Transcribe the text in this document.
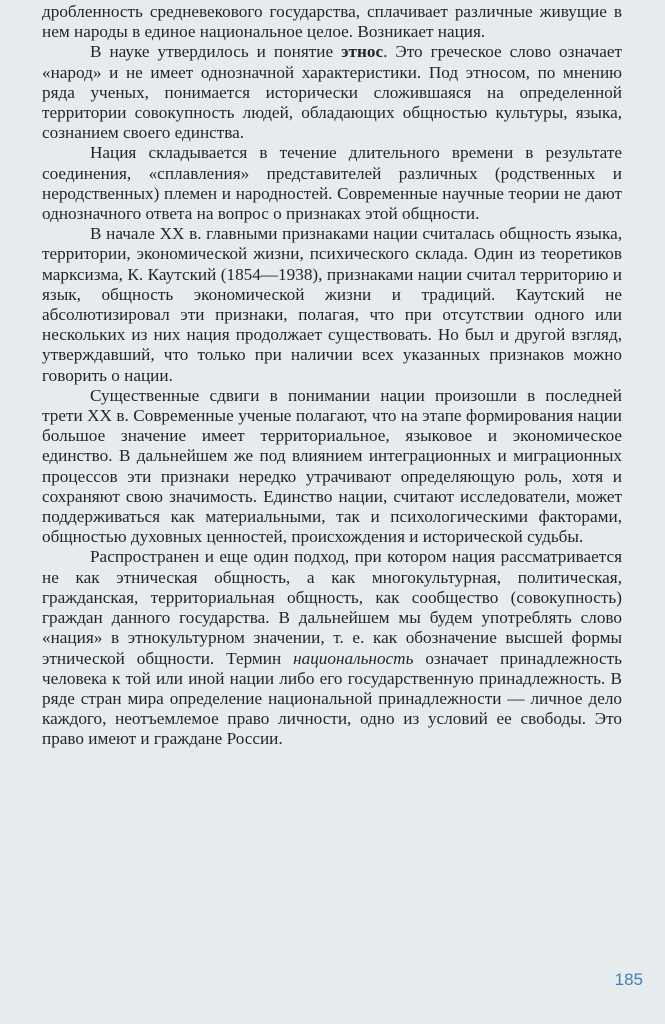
дробленность средневекового государства, сплачивает различные живущие в нем народы в единое национальное целое. Возникает нация.

В науке утвердилось и понятие этнос. Это греческое слово означает «народ» и не имеет однозначной характеристики. Под этносом, по мнению ряда ученых, понимается исторически сложившаяся на определенной территории совокупность людей, обладающих общностью культуры, языка, сознанием своего единства.

Нация складывается в течение длительного времени в результате соединения, «сплавления» представителей различных (родственных и неродственных) племен и народностей. Современные научные теории не дают однозначного ответа на вопрос о признаках этой общности.

В начале XX в. главными признаками нации считалась общность языка, территории, экономической жизни, психического склада. Один из теоретиков марксизма, К. Каутский (1854—1938), признаками нации считал территорию и язык, общность экономической жизни и традиций. Каутский не абсолютизировал эти признаки, полагая, что при отсутствии одного или нескольких из них нация продолжает существовать. Но был и другой взгляд, утверждавший, что только при наличии всех указанных признаков можно говорить о нации.

Существенные сдвиги в понимании нации произошли в последней трети XX в. Современные ученые полагают, что на этапе формирования нации большое значение имеет территориальное, языковое и экономическое единство. В дальнейшем же под влиянием интеграционных и миграционных процессов эти признаки нередко утрачивают определяющую роль, хотя и сохраняют свою значимость. Единство нации, считают исследователи, может поддерживаться как материальными, так и психологическими факторами, общностью духовных ценностей, происхождения и исторической судьбы.

Распространен и еще один подход, при котором нация рассматривается не как этническая общность, а как многокультурная, политическая, гражданская, территориальная общность, как сообщество (совокупность) граждан данного государства. В дальнейшем мы будем употреблять слово «нация» в этнокультурном значении, т. е. как обозначение высшей формы этнической общности. Термин национальность означает принадлежность человека к той или иной нации либо его государственную принадлежность. В ряде стран мира определение национальной принадлежности — личное дело каждого, неотъемлемое право личности, одно из условий ее свободы. Это право имеют и граждане России.

185
